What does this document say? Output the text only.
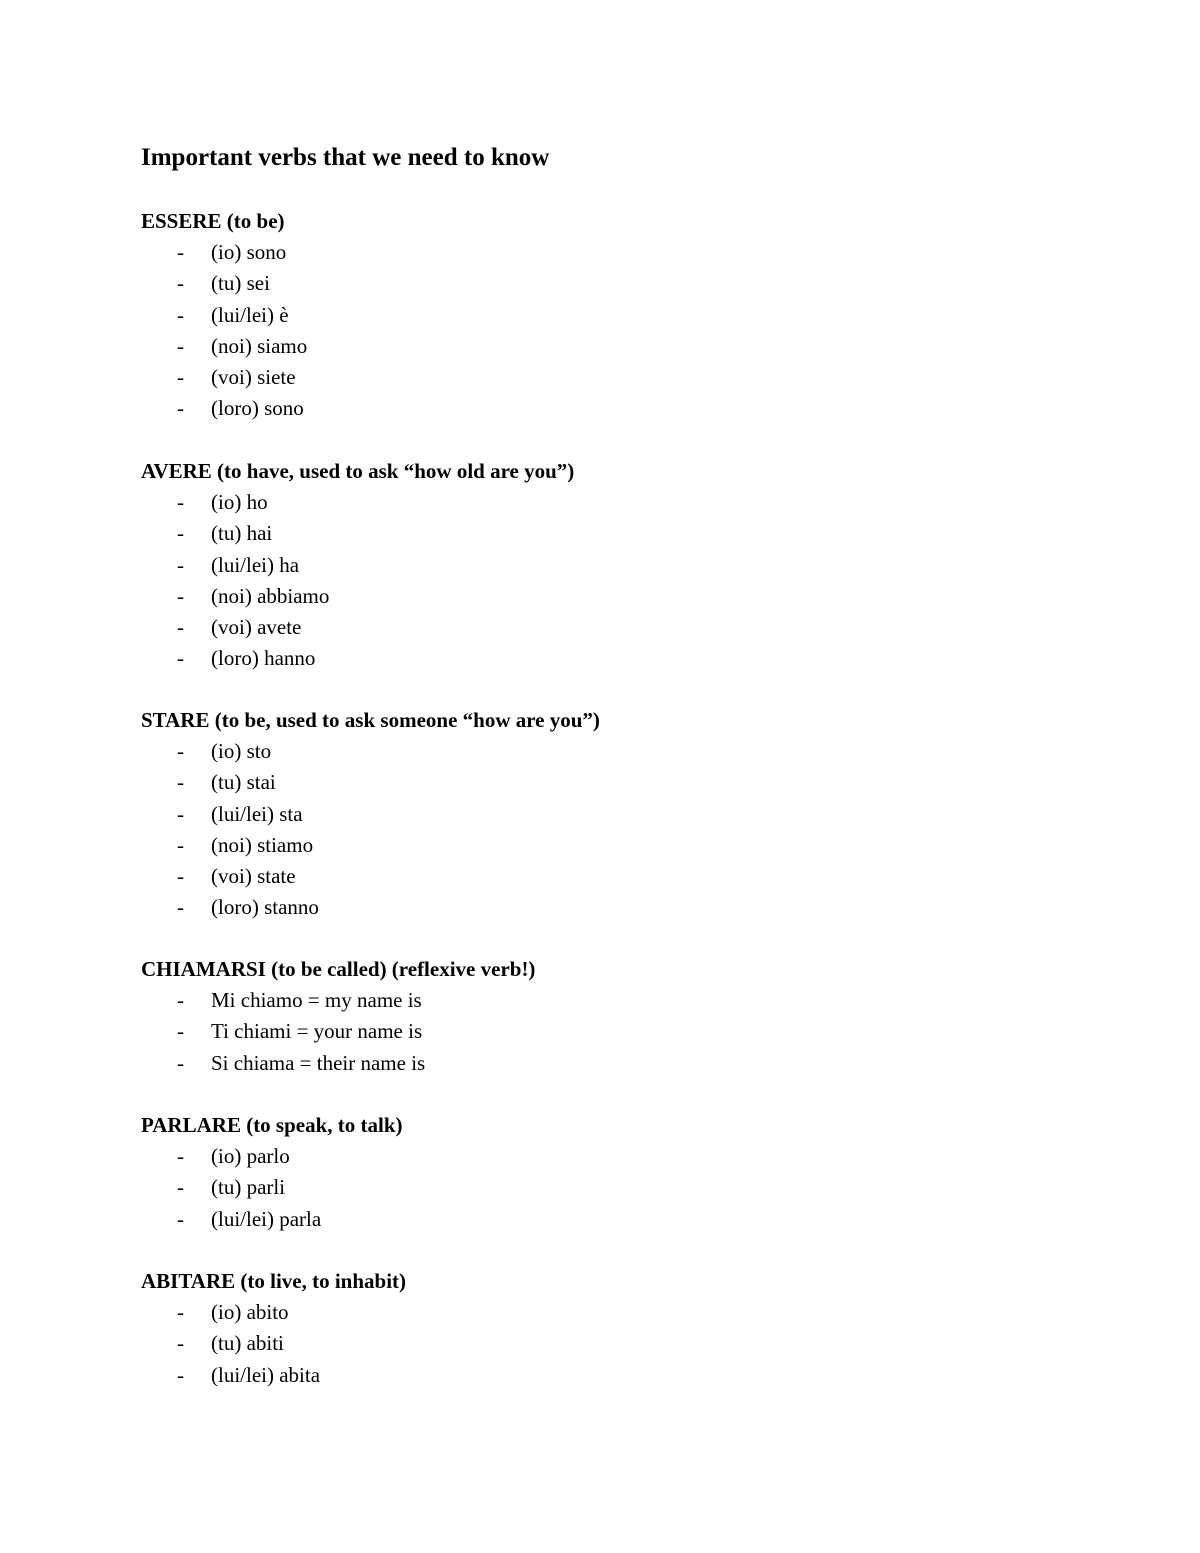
Important verbs that we need to know
ESSERE (to be)
- (io) sono
- (tu) sei
- (lui/lei) è
- (noi) siamo
- (voi) siete
- (loro) sono
AVERE (to have, used to ask “how old are you”)
- (io) ho
- (tu) hai
- (lui/lei) ha
- (noi) abbiamo
- (voi) avete
- (loro) hanno
STARE (to be, used to ask someone “how are you”)
- (io) sto
- (tu) stai
- (lui/lei) sta
- (noi) stiamo
- (voi) state
- (loro) stanno
CHIAMARSI (to be called) (reflexive verb!)
- Mi chiamo = my name is
- Ti chiami = your name is
- Si chiama = their name is
PARLARE (to speak, to talk)
- (io) parlo
- (tu) parli
- (lui/lei) parla
ABITARE (to live, to inhabit)
- (io) abito
- (tu) abiti
- (lui/lei) abita
